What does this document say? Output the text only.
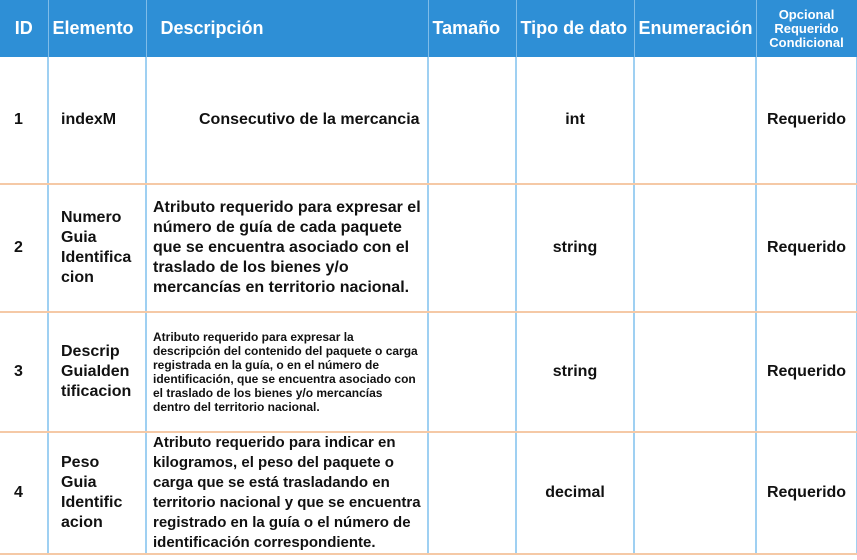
ID	Elemento	Descripción	Tamaño	Tipo de dato	Enumeración	Opcional Requerido Condicional
1	indexM	Consecutivo de la mercancia		int		Requerido
2	Numero Guia Identifica cion	Atributo requerido para expresar el número de guía de cada paquete que se encuentra asociado con el traslado de los bienes y/o mercancías en territorio nacional.		string		Requerido
3	Descrip GuiaIden tificacion	Atributo requerido para expresar la descripción del contenido del paquete o carga registrada en la guía, o en el número de identificación, que se encuentra asociado con el traslado de los bienes y/o mercancías dentro del territorio nacional.		string		Requerido
4	Peso Guia Identific acion	Atributo requerido para indicar en kilogramos, el peso del paquete o carga que se está trasladando en territorio nacional y que se encuentra registrado en la guía o el número de identificación correspondiente.		decimal		Requerido
